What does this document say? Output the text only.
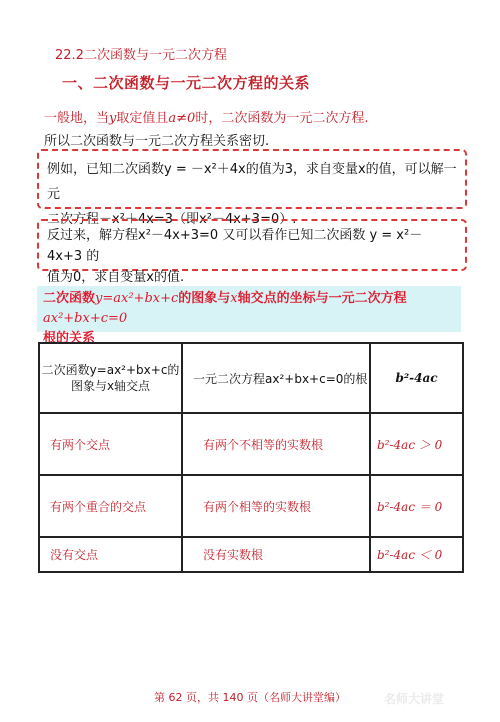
22.2二次函数与一元二次方程
一、二次函数与一元二次方程的关系
一般地，当y取定值且a≠0时，二次函数为一元二次方程.
所以二次函数与一元二次方程关系密切.
例如，已知二次函数y = －x²＋4x的值为3，求自变量x的值，可以解一元
二次方程－x²＋4x=3（即x²－4x+3=0）.
反过来，解方程x²－4x+3=0 又可以看作已知二次函数 y = x²－4x+3 的
值为0，求自变量x的值.
二次函数y=ax²+bx+c的图象与x轴交点的坐标与一元二次方程ax²+bx+c=0
根的关系
二次函数y=ax²+bx+c的图象与x轴交点	一元二次方程ax²+bx+c=0的根	b²-4ac
有两个交点	有两个不相等的实数根	b²-4ac ＞ 0
有两个重合的交点	有两个相等的实数根	b²-4ac ＝ 0
没有交点	没有实数根	b²-4ac ＜ 0
第 62 页，共 140 页（名师大讲堂编）	名师大讲堂
